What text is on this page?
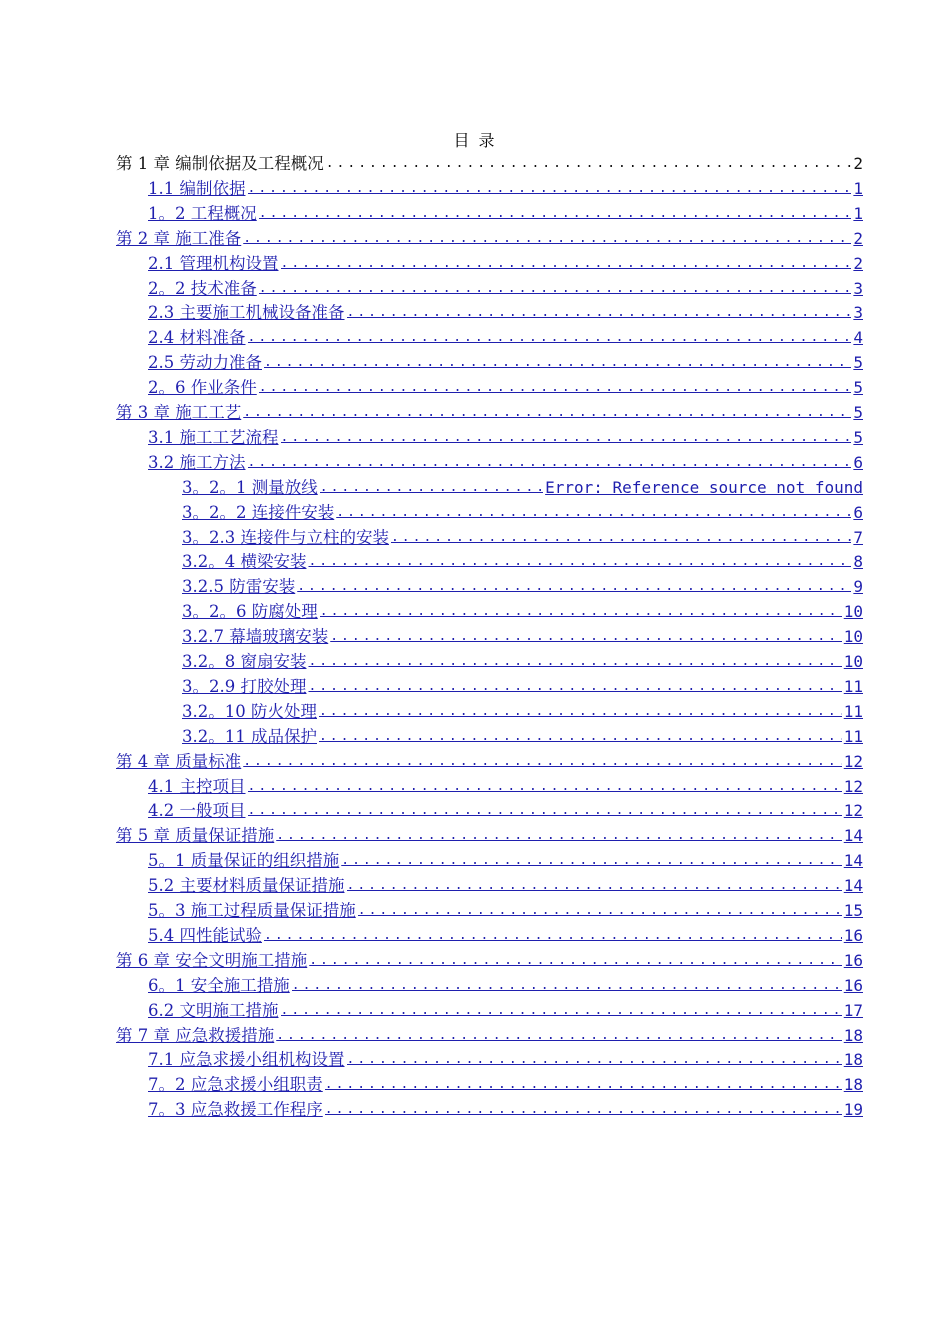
目 录
第 1 章 编制依据及工程概况 .....	2
1.1 编制依据 .....	1
1。2 工程概况 .....	1
第 2 章 施工准备 .....	2
2.1 管理机构设置 .....	2
2。2 技术准备 .....	3
2.3 主要施工机械设备准备 .....	3
2.4 材料准备 .....	4
2.5 劳动力准备 .....	5
2。6 作业条件 .....	5
第 3 章 施工工艺 .....	5
3.1 施工工艺流程 .....	5
3.2 施工方法 .....	6
3。2。1 测量放线 .....	Error: Reference source not found
3。2。2 连接件安装 .....	6
3。2.3 连接件与立柱的安装 .....	7
3.2。4 横梁安装 .....	8
3.2.5 防雷安装 .....	9
3。2。6 防腐处理 .....	10
3.2.7 幕墙玻璃安装 .....	10
3.2。8 窗扇安装 .....	10
3。2.9 打胶处理 .....	11
3.2。10 防火处理 .....	11
3.2。11 成品保护 .....	11
第 4 章 质量标准 .....	12
4.1 主控项目 .....	12
4.2 一般项目 .....	12
第 5 章 质量保证措施 .....	14
5。1 质量保证的组织措施 .....	14
5.2 主要材料质量保证措施 .....	14
5。3 施工过程质量保证措施 .....	15
5.4 四性能试验 .....	16
第 6 章 安全文明施工措施 .....	16
6。1 安全施工措施 .....	16
6.2 文明施工措施 .....	17
第 7 章 应急救援措施 .....	18
7.1 应急求援小组机构设置 .....	18
7。2 应急求援小组职责 .....	18
7。3 应急救援工作程序 .....	19
